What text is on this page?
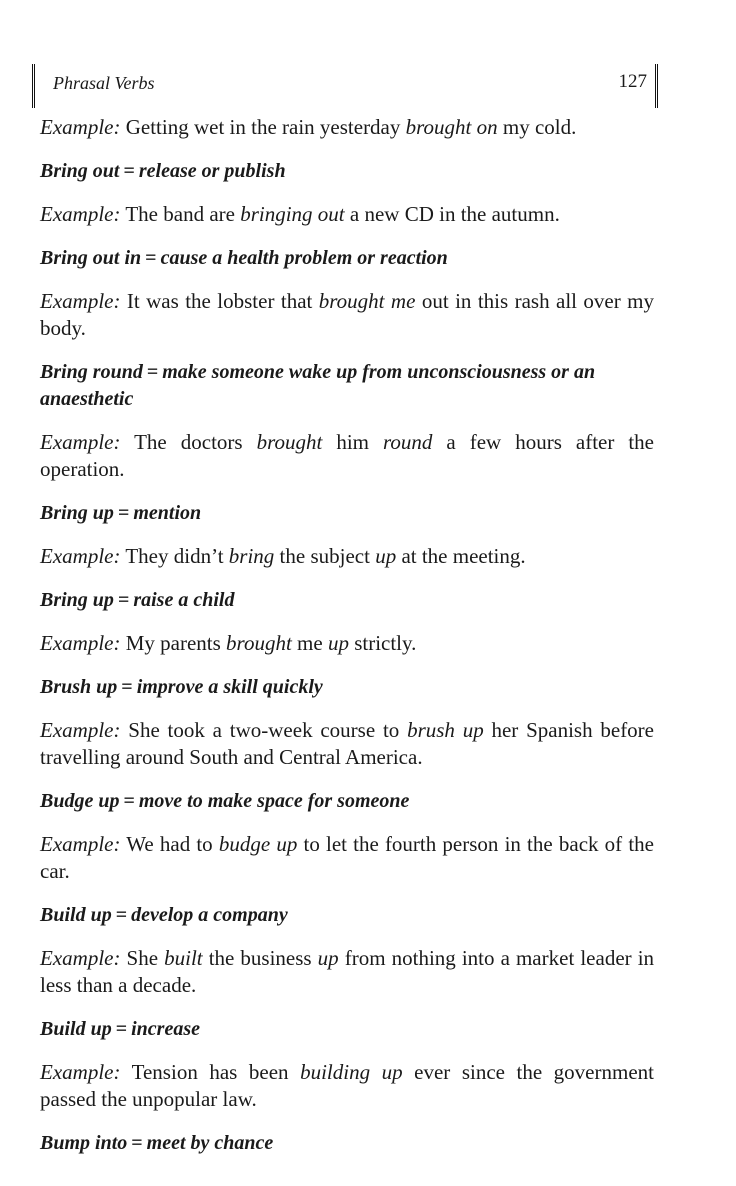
Phrasal Verbs	127
Example: Getting wet in the rain yesterday brought on my cold.
Bring out = release or publish
Example: The band are bringing out a new CD in the autumn.
Bring out in = cause a health problem or reaction
Example: It was the lobster that brought me out in this rash all over my body.
Bring round = make someone wake up from unconsciousness or an anaesthetic
Example: The doctors brought him round a few hours after the operation.
Bring up = mention
Example: They didn’t bring the subject up at the meeting.
Bring up = raise a child
Example: My parents brought me up strictly.
Brush up = improve a skill quickly
Example: She took a two-week course to brush up her Spanish before travelling around South and Central America.
Budge up = move to make space for someone
Example: We had to budge up to let the fourth person in the back of the car.
Build up = develop a company
Example: She built the business up from nothing into a market leader in less than a decade.
Build up = increase
Example: Tension has been building up ever since the government passed the unpopular law.
Bump into = meet by chance
